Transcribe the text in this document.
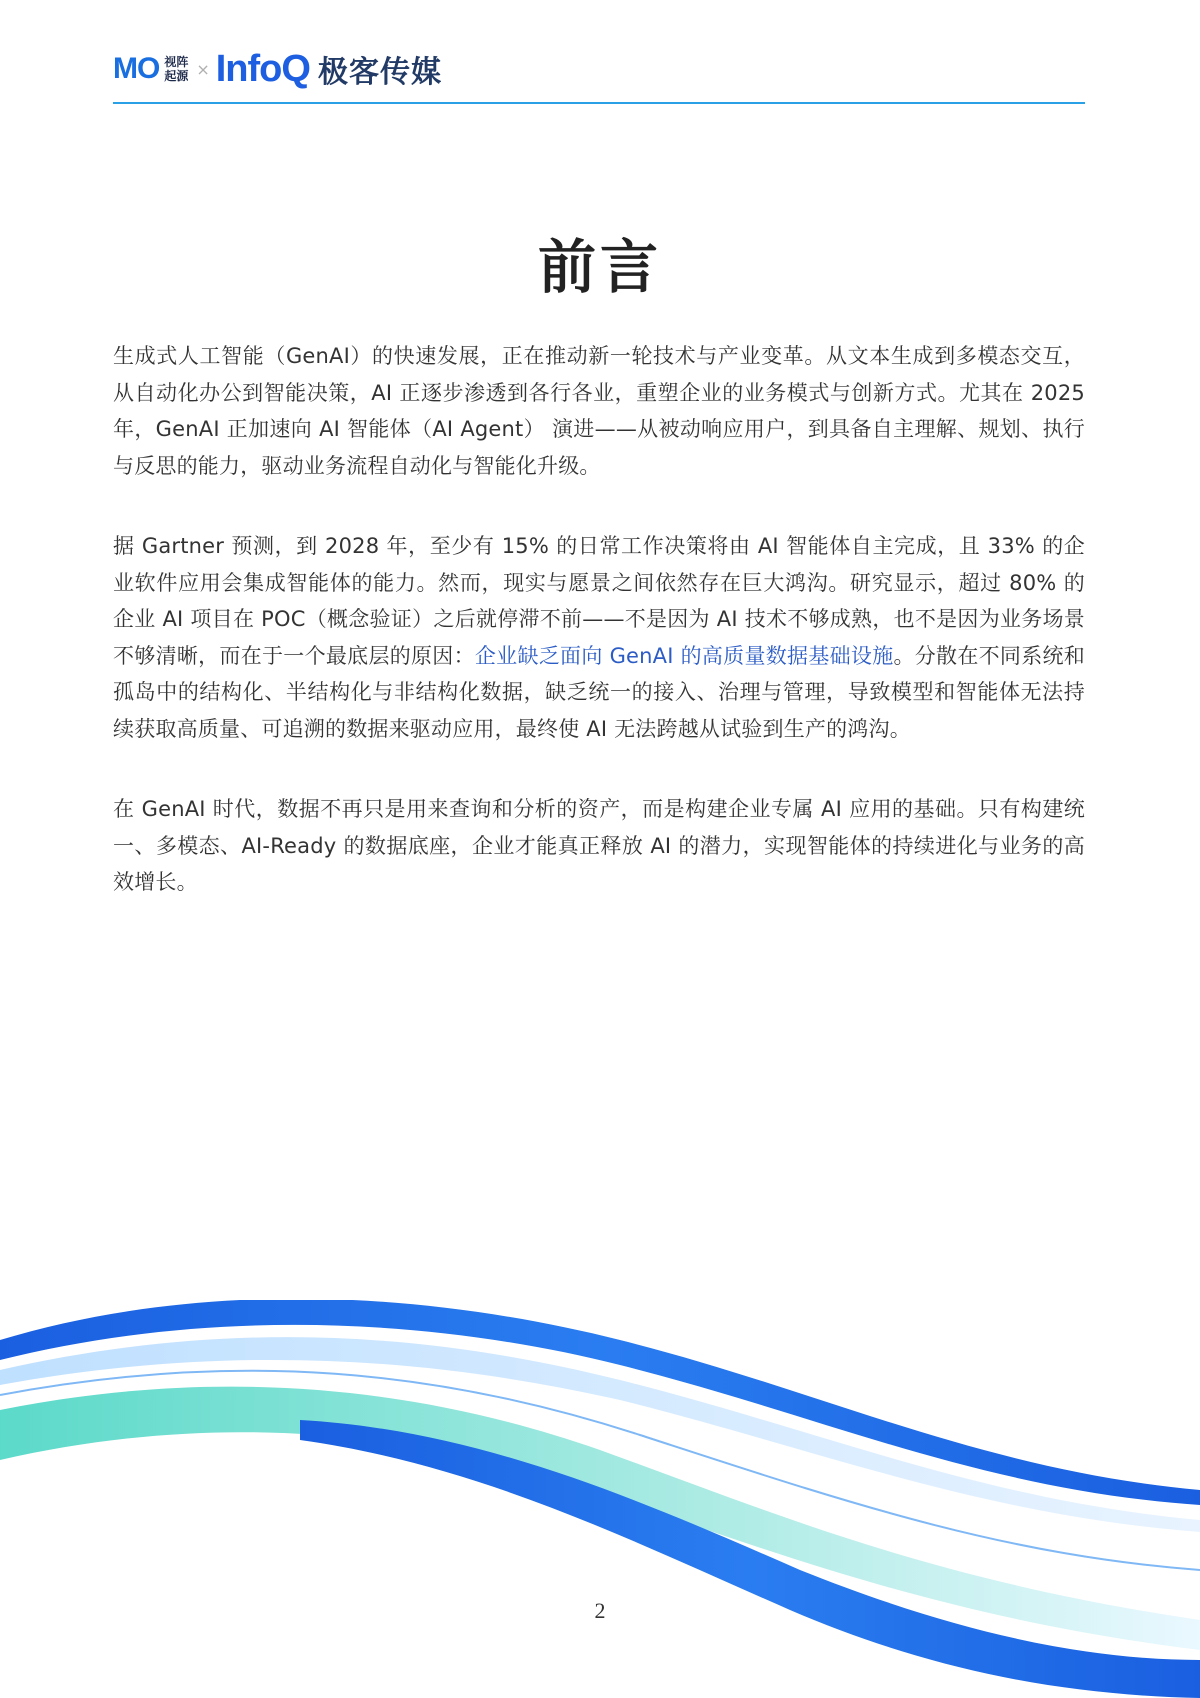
MO 视阵
起源 × InfoQ 极客传媒
前言

生成式人工智能（GenAI）的快速发展，正在推动新一轮技术与产业变革。从文本生成到多模态交互，从自动化办公到智能决策，AI 正逐步渗透到各行各业，重塑企业的业务模式与创新方式。尤其在 2025 年，GenAI 正加速向 AI 智能体（AI Agent） 演进——从被动响应用户，到具备自主理解、规划、执行与反思的能力，驱动业务流程自动化与智能化升级。

据 Gartner 预测，到 2028 年，至少有 15% 的日常工作决策将由 AI 智能体自主完成，且 33% 的企业软件应用会集成智能体的能力。然而，现实与愿景之间依然存在巨大鸿沟。研究显示，超过 80% 的企业 AI 项目在 POC（概念验证）之后就停滞不前——不是因为 AI 技术不够成熟，也不是因为业务场景不够清晰，而在于一个最底层的原因：企业缺乏面向 GenAI 的高质量数据基础设施。分散在不同系统和孤岛中的结构化、半结构化与非结构化数据，缺乏统一的接入、治理与管理，导致模型和智能体无法持续获取高质量、可追溯的数据来驱动应用，最终使 AI 无法跨越从试验到生产的鸿沟。

在 GenAI 时代，数据不再只是用来查询和分析的资产，而是构建企业专属 AI 应用的基础。只有构建统一、多模态、AI-Ready 的数据底座，企业才能真正释放 AI 的潜力，实现智能体的持续进化与业务的高效增长。

2
